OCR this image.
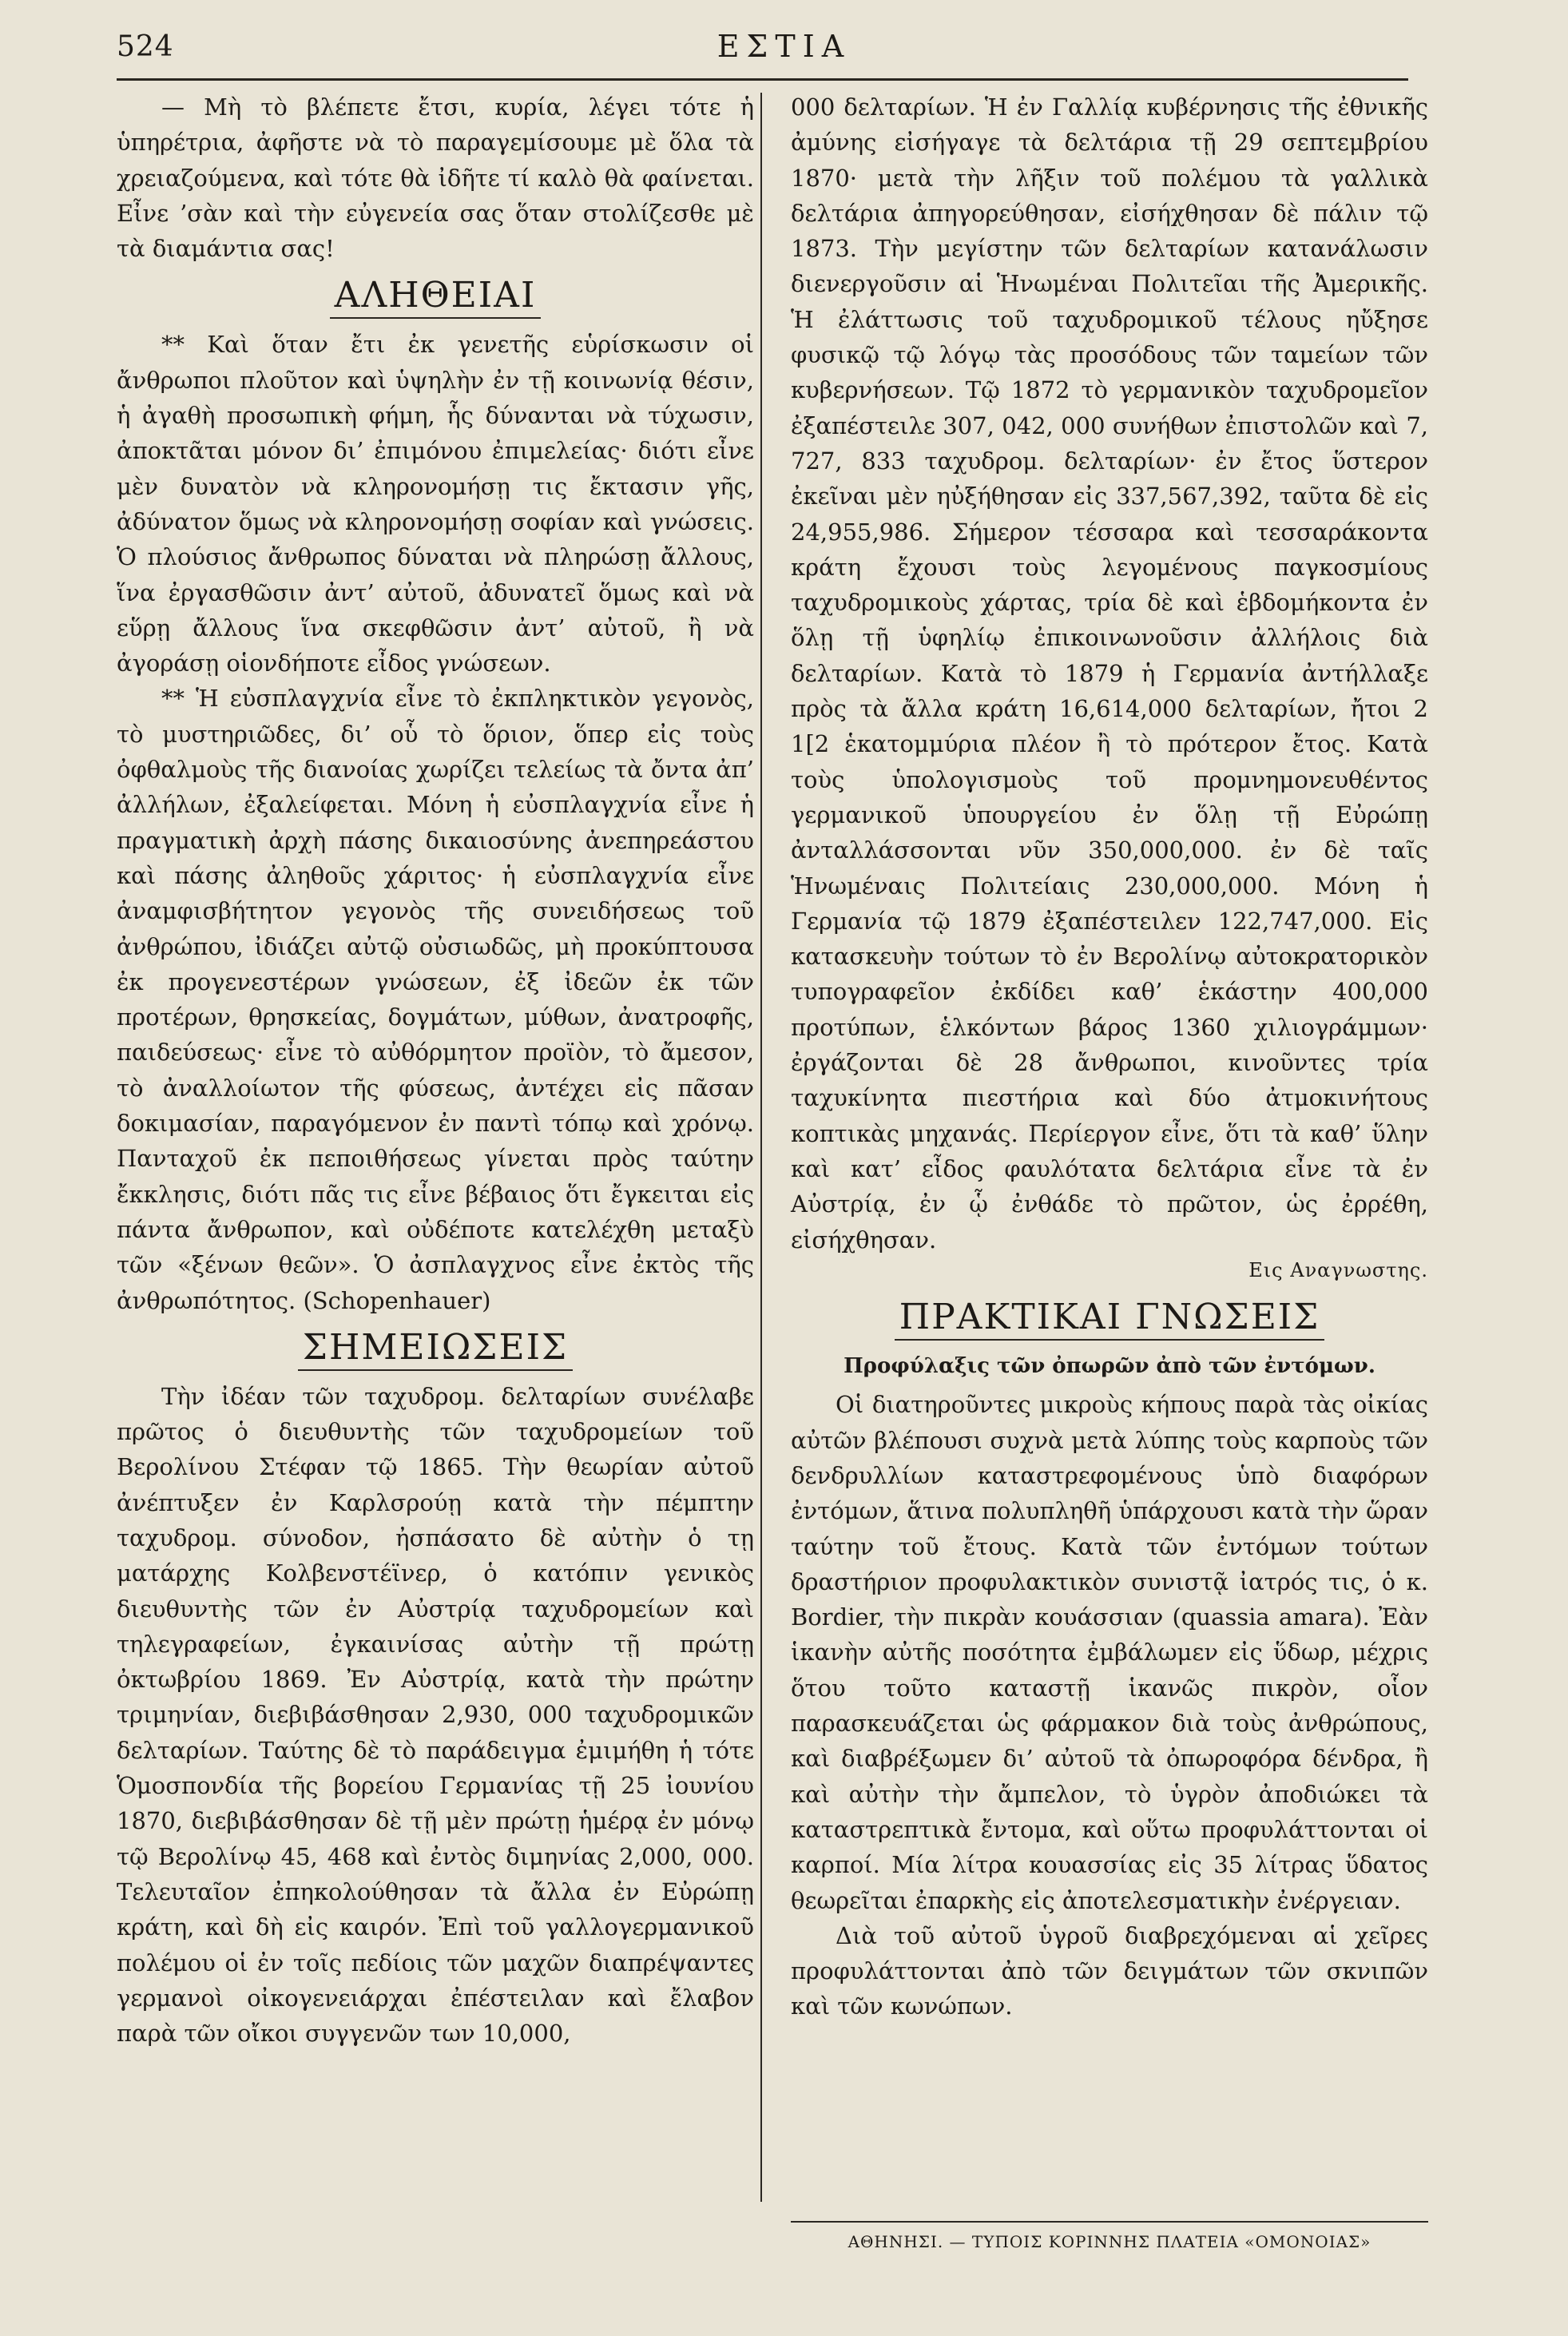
524	ΕΣΤΙΑ

— Μὴ τὸ βλέπετε ἔτσι, κυρία, λέγει τότε ἡ ὑπηρέτρια, ἀφῆστε νὰ τὸ παραγεμίσουμε μὲ ὅλα τὰ χρειαζούμενα, καὶ τότε θὰ ἰδῆτε τί καλὸ θὰ φαίνεται. Εἶνε ’σὰν καὶ τὴν εὐγενεία σας ὅταν στολίζεσθε μὲ τὰ διαμάντια σας!

ΑΛΗΘΕΙΑΙ

** Καὶ ὅταν ἔτι ἐκ γενετῆς εὑρίσκωσιν οἱ ἄνθρωποι πλοῦτον καὶ ὑψηλὴν ἐν τῇ κοινωνίᾳ θέσιν, ἡ ἀγαθὴ προσωπικὴ φήμη, ἧς δύνανται νὰ τύχωσιν, ἀποκτᾶται μόνον δι’ ἐπιμόνου ἐπιμελείας· διότι εἶνε μὲν δυνατὸν νὰ κληρονομήσῃ τις ἔκτασιν γῆς, ἀδύνατον ὅμως νὰ κληρονομήσῃ σοφίαν καὶ γνώσεις. Ὁ πλούσιος ἄνθρωπος δύναται νὰ πληρώσῃ ἄλλους, ἵνα ἐργασθῶσιν ἀντ’ αὐτοῦ, ἀδυνατεῖ ὅμως καὶ νὰ εὕρῃ ἄλλους ἵνα σκεφθῶσιν ἀντ’ αὐτοῦ, ἢ νὰ ἀγοράσῃ οἱονδήποτε εἶδος γνώσεων.

** Ἡ εὐσπλαγχνία εἶνε τὸ ἐκπληκτικὸν γεγονὸς, τὸ μυστηριῶδες, δι’ οὗ τὸ ὅριον, ὅπερ εἰς τοὺς ὀφθαλμοὺς τῆς διανοίας χωρίζει τελείως τὰ ὄντα ἀπ’ ἀλλήλων, ἐξαλείφεται. Μόνη ἡ εὐσπλαγχνία εἶνε ἡ πραγματικὴ ἀρχὴ πάσης δικαιοσύνης ἀνεπηρεάστου καὶ πάσης ἀληθοῦς χάριτος· ἡ εὐσπλαγχνία εἶνε ἀναμφισβήτητον γεγονὸς τῆς συνειδήσεως τοῦ ἀνθρώπου, ἰδιάζει αὐτῷ οὐσιωδῶς, μὴ προκύπτουσα ἐκ προγενεστέρων γνώσεων, ἐξ ἰδεῶν ἐκ τῶν προτέρων, θρησκείας, δογμάτων, μύθων, ἀνατροφῆς, παιδεύσεως· εἶνε τὸ αὐθόρμητον προϊὸν, τὸ ἄμεσον, τὸ ἀναλλοίωτον τῆς φύσεως, ἀντέχει εἰς πᾶσαν δοκιμασίαν, παραγόμενον ἐν παντὶ τόπῳ καὶ χρόνῳ. Πανταχοῦ ἐκ πεποιθήσεως γίνεται πρὸς ταύτην ἔκκλησις, διότι πᾶς τις εἶνε βέβαιος ὅτι ἔγκειται εἰς πάντα ἄνθρωπον, καὶ οὐδέποτε κατελέχθη μεταξὺ τῶν «ξένων θεῶν». Ὁ ἀσπλαγχνος εἶνε ἐκτὸς τῆς ἀνθρωπότητος. (Schopenhauer)

ΣΗΜΕΙΩΣΕΙΣ

Τὴν ἰδέαν τῶν ταχυδρομ. δελταρίων συνέλαβε πρῶτος ὁ διευθυντὴς τῶν ταχυδρομείων τοῦ Βερολίνου Στέφαν τῷ 1865. Τὴν θεωρίαν αὐτοῦ ἀνέπτυξεν ἐν Καρλσρούῃ κατὰ τὴν πέμπτην ταχυδρομ. σύνοδον, ἠσπάσατο δὲ αὐτὴν ὁ τῃ ματάρχης Κολβενστέϊνερ, ὁ κατόπιν γενικὸς διευθυντὴς τῶν ἐν Αὐστρίᾳ ταχυδρομείων καὶ τηλεγραφείων, ἐγκαινίσας αὐτὴν τῇ πρώτῃ ὀκτωβρίου 1869. Ἐν Αὐστρίᾳ, κατὰ τὴν πρώτην τριμηνίαν, διεβιβάσθησαν 2,930, 000 ταχυδρομικῶν δελταρίων. Ταύτης δὲ τὸ παράδειγμα ἐμιμήθη ἡ τότε Ὁμοσπονδία τῆς βορείου Γερμανίας τῇ 25 ἰουνίου 1870, διεβιβάσθησαν δὲ τῇ μὲν πρώτῃ ἡμέρᾳ ἐν μόνῳ τῷ Βερολίνῳ 45, 468 καὶ ἐντὸς διμηνίας 2,000, 000. Τελευταῖον ἐπηκολούθησαν τὰ ἄλλα ἐν Εὐρώπῃ κράτη, καὶ δὴ εἰς καιρόν. Ἐπὶ τοῦ γαλλογερμανικοῦ πολέμου οἱ ἐν τοῖς πεδίοις τῶν μαχῶν διαπρέψαντες γερμανοὶ οἰκογενειάρχαι ἐπέστειλαν καὶ ἔλαβον παρὰ τῶν οἴκοι συγγενῶν των 10,000,

000 δελταρίων. Ἡ ἐν Γαλλίᾳ κυβέρνησις τῆς ἐθνικῆς ἀμύνης εἰσήγαγε τὰ δελτάρια τῇ 29 σεπτεμβρίου 1870· μετὰ τὴν λῆξιν τοῦ πολέμου τὰ γαλλικὰ δελτάρια ἀπηγορεύθησαν, εἰσήχθησαν δὲ πάλιν τῷ 1873. Τὴν μεγίστην τῶν δελταρίων κατανάλωσιν διενεργοῦσιν αἱ Ἡνωμέναι Πολιτεῖαι τῆς Ἀμερικῆς. Ἡ ἐλάττωσις τοῦ ταχυδρομικοῦ τέλους ηὔξησε φυσικῷ τῷ λόγῳ τὰς προσόδους τῶν ταμείων τῶν κυβερνήσεων. Τῷ 1872 τὸ γερμανικὸν ταχυδρομεῖον ἐξαπέστειλε 307, 042, 000 συνήθων ἐπιστολῶν καὶ 7, 727, 833 ταχυδρομ. δελταρίων· ἐν ἔτος ὕστερον ἐκεῖναι μὲν ηὐξήθησαν εἰς 337,567,392, ταῦτα δὲ εἰς 24,955,986. Σήμερον τέσσαρα καὶ τεσσαράκοντα κράτη ἔχουσι τοὺς λεγομένους παγκοσμίους ταχυδρομικοὺς χάρτας, τρία δὲ καὶ ἑβδομήκοντα ἐν ὅλῃ τῇ ὑφηλίῳ ἐπικοινωνοῦσιν ἀλλήλοις διὰ δελταρίων. Κατὰ τὸ 1879 ἡ Γερμανία ἀντήλλαξε πρὸς τὰ ἄλλα κράτη 16,614,000 δελταρίων, ἤτοι 2 1[2 ἑκατομμύρια πλέον ἢ τὸ πρότερον ἔτος. Κατὰ τοὺς ὑπολογισμοὺς τοῦ προμνημονευθέντος γερμανικοῦ ὑπουργείου ἐν ὅλῃ τῇ Εὐρώπῃ ἀνταλλάσσονται νῦν 350,000,000. ἐν δὲ ταῖς Ἡνωμέναις Πολιτείαις 230,000,000. Μόνη ἡ Γερμανία τῷ 1879 ἐξαπέστειλεν 122,747,000. Εἰς κατασκευὴν τούτων τὸ ἐν Βερολίνῳ αὐτοκρατορικὸν τυπογραφεῖον ἐκδίδει καθ’ ἑκάστην 400,000 προτύπων, ἑλκόντων βάρος 1360 χιλιογράμμων· ἐργάζονται δὲ 28 ἄνθρωποι, κινοῦντες τρία ταχυκίνητα πιεστήρια καὶ δύο ἀτμοκινήτους κοπτικὰς μηχανάς. Περίεργον εἶνε, ὅτι τὰ καθ’ ὕλην καὶ κατ’ εἶδος φαυλότατα δελτάρια εἶνε τὰ ἐν Αὐστρίᾳ, ἐν ᾧ ἐνθάδε τὸ πρῶτον, ὡς ἐρρέθη, εἰσήχθησαν.

Εις Αναγνωστης.
ΠΡΑΚΤΙΚΑΙ ΓΝΩΣΕΙΣ
Προφύλαξις τῶν ὀπωρῶν ἀπὸ τῶν ἐντόμων.

Οἱ διατηροῦντες μικροὺς κήπους παρὰ τὰς οἰκίας αὐτῶν βλέπουσι συχνὰ μετὰ λύπης τοὺς καρποὺς τῶν δενδρυλλίων καταστρεφομένους ὑπὸ διαφόρων ἐντόμων, ἅτινα πολυπληθῆ ὑπάρχουσι κατὰ τὴν ὥραν ταύτην τοῦ ἔτους. Κατὰ τῶν ἐντόμων τούτων δραστήριον προφυλακτικὸν συνιστᾷ ἰατρός τις, ὁ κ. Bordier, τὴν πικρὰν κουάσσιαν (quassia amara). Ἐὰν ἱκανὴν αὐτῆς ποσότητα ἐμβάλωμεν εἰς ὕδωρ, μέχρις ὅτου τοῦτο καταστῇ ἱκανῶς πικρὸν, οἷον παρασκευάζεται ὡς φάρμακον διὰ τοὺς ἀνθρώπους, καὶ διαβρέξωμεν δι’ αὐτοῦ τὰ ὀπωροφόρα δένδρα, ἢ καὶ αὐτὴν τὴν ἄμπελον, τὸ ὑγρὸν ἀποδιώκει τὰ καταστρεπτικὰ ἔντομα, καὶ οὕτω προφυλάττονται οἱ καρποί. Μία λίτρα κουασσίας εἰς 35 λίτρας ὕδατος θεωρεῖται ἐπαρκὴς εἰς ἀποτελεσματικὴν ἐνέργειαν.

Διὰ τοῦ αὐτοῦ ὑγροῦ διαβρεχόμεναι αἱ χεῖρες προφυλάττονται ἀπὸ τῶν δειγμάτων τῶν σκνιπῶν καὶ τῶν κωνώπων.

ΑΘΗΝΗΣΙ. — ΤΥΠΟΙΣ ΚΟΡΙΝΝΗΣ ΠΛΑΤΕΙΑ «ΟΜΟΝΟΙΑΣ»
